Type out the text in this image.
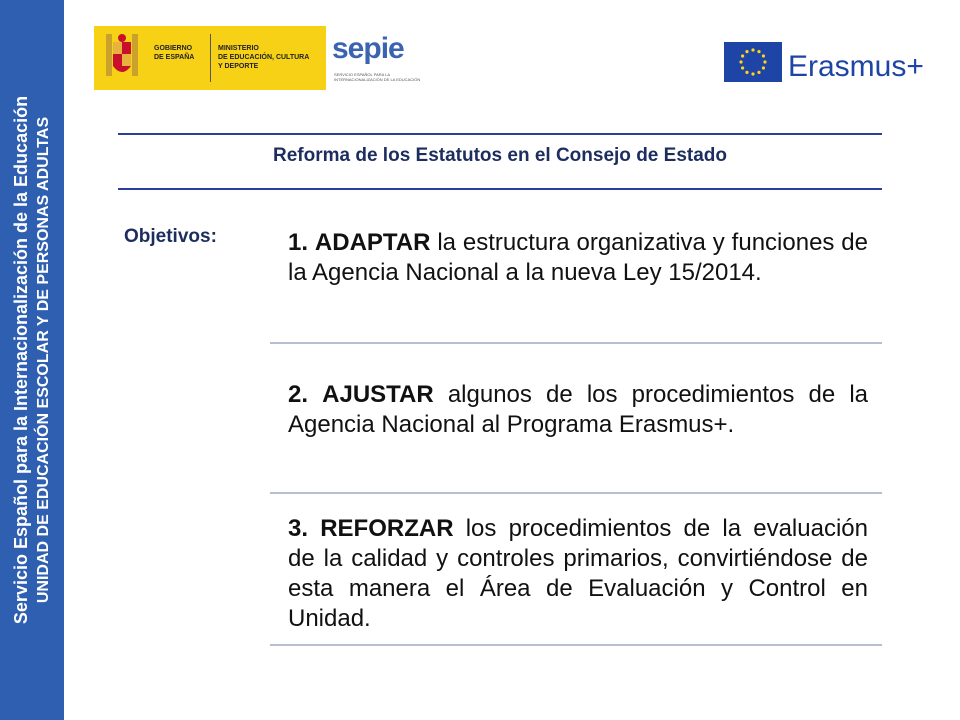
Servicio Español para la Internacionalización de la Educación UNIDAD DE EDUCACIÓN ESCOLAR Y DE PERSONAS ADULTAS
GOBIERNO
DE ESPAÑA
MINISTERIO
DE EDUCACIÓN, CULTURA
Y DEPORTE
sepie
SERVICIO ESPAÑOL PARA LA INTERNACIONALIZACIÓN DE LA EDUCACIÓN	Erasmus+
Reforma de los Estatutos en el Consejo de Estado
Objetivos:	1. ADAPTAR la estructura organizativa y funciones de la Agencia Nacional a la nueva Ley 15/2014.
2. AJUSTAR algunos de los procedimientos de la Agencia Nacional al Programa Erasmus+.
3. REFORZAR los procedimientos de la evaluación de la calidad y controles primarios, convirtiéndose de esta manera el Área de Evaluación y Control en Unidad.
